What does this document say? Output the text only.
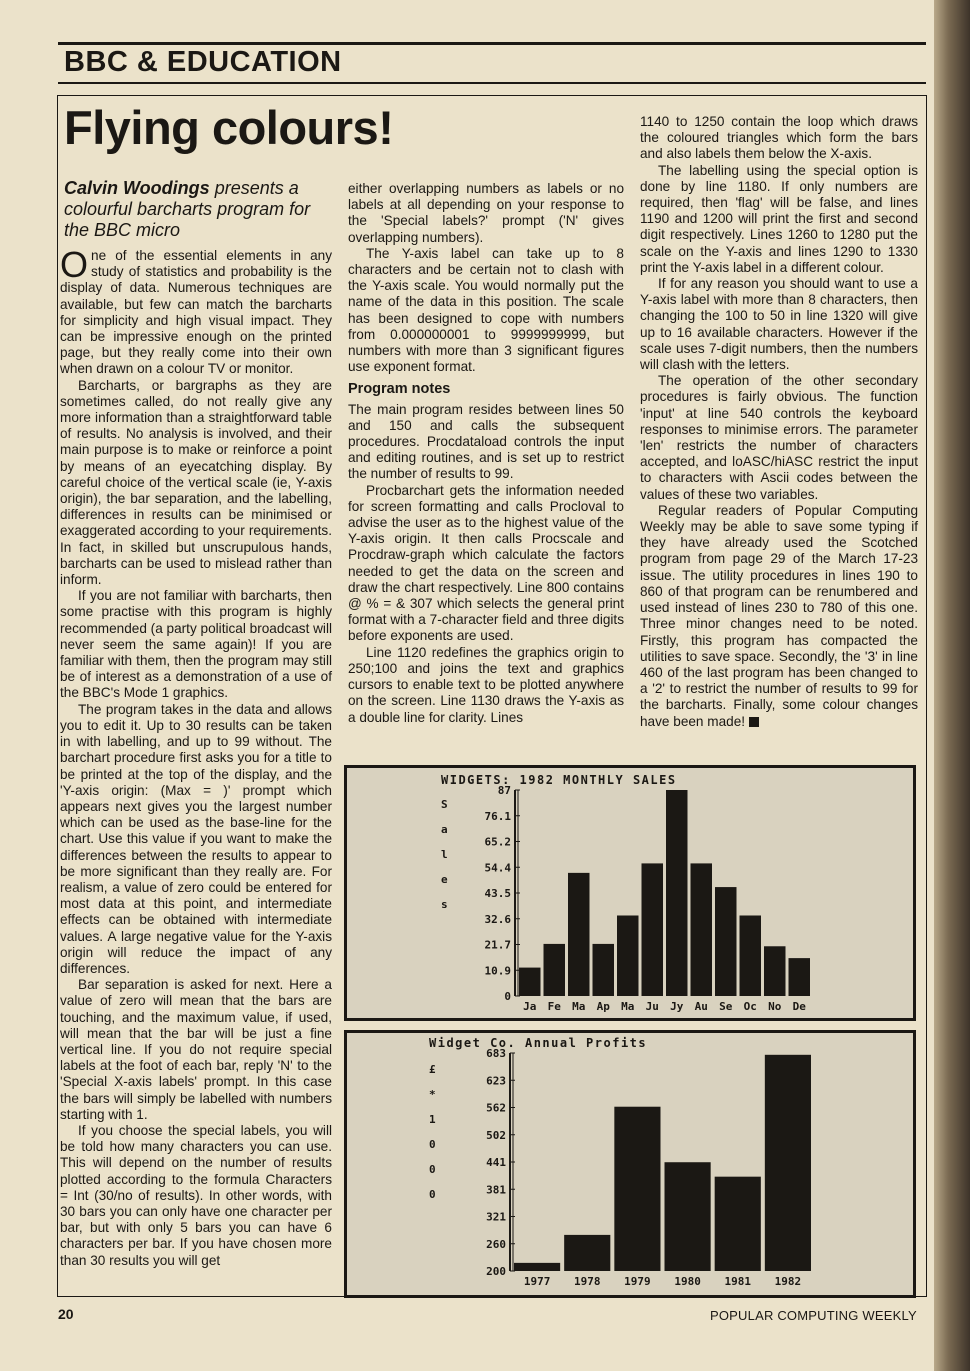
BBC & EDUCATION
Flying colours!
Calvin Woodings presents a colourful barcharts program for the BBC micro

One of the essential elements in any study of statistics and probability is the display of data. Numerous techniques are available, but few can match the barcharts for simplicity and high visual impact. They can be impressive enough on the printed page, but they really come into their own when drawn on a colour TV or monitor.

Barcharts, or bargraphs as they are sometimes called, do not really give any more information than a straightforward table of results. No analysis is involved, and their main purpose is to make or reinforce a point by means of an eyecatching display. By careful choice of the vertical scale (ie, Y-axis origin), the bar separation, and the labelling, differences in results can be minimised or exaggerated according to your requirements. In fact, in skilled but unscrupulous hands, barcharts can be used to mislead rather than inform.

If you are not familiar with barcharts, then some practise with this program is highly recommended (a party political broadcast will never seem the same again)! If you are familiar with them, then the program may still be of interest as a demonstration of a use of the BBC's Mode 1 graphics.

The program takes in the data and allows you to edit it. Up to 30 results can be taken in with labelling, and up to 99 without. The barchart procedure first asks you for a title to be printed at the top of the display, and the 'Y-axis origin: (Max = )' prompt which appears next gives you the largest number which can be used as the base-line for the chart. Use this value if you want to make the differences between the results to appear to be more significant than they really are. For realism, a value of zero could be entered for most data at this point, and intermediate effects can be obtained with intermediate values. A large negative value for the Y-axis origin will reduce the impact of any differences.

Bar separation is asked for next. Here a value of zero will mean that the bars are touching, and the maximum value, if used, will mean that the bar will be just a fine vertical line. If you do not require special labels at the foot of each bar, reply 'N' to the 'Special X-axis labels' prompt. In this case the bars will simply be labelled with numbers starting with 1.

If you choose the special labels, you will be told how many characters you can use. This will depend on the number of results plotted according to the formula Characters = Int (30/no of results). In other words, with 30 bars you can only have one character per bar, but with only 5 bars you can have 6 characters per bar. If you have chosen more than 30 results you will get

either overlapping numbers as labels or no labels at all depending on your response to the 'Special labels?' prompt ('N' gives overlapping numbers).

The Y-axis label can take up to 8 characters and be certain not to clash with the Y-axis scale. You would normally put the name of the data in this position. The scale has been designed to cope with numbers from 0.000000001 to 9999999999, but numbers with more than 3 significant figures use exponent format.

Program notes

The main program resides between lines 50 and 150 and calls the subsequent procedures. Procdataload controls the input and editing routines, and is set up to restrict the number of results to 99.

Procbarchart gets the information needed for screen formatting and calls Procloval to advise the user as to the highest value of the Y-axis origin. It then calls Procscale and Procdraw-graph which calculate the factors needed to get the data on the screen and draw the chart respectively. Line 800 contains @ % = & 307 which selects the general print format with a 7-character field and three digits before exponents are used.

Line 1120 redefines the graphics origin to 250;100 and joins the text and graphics cursors to enable text to be plotted anywhere on the screen. Line 1130 draws the Y-axis as a double line for clarity. Lines

1140 to 1250 contain the loop which draws the coloured triangles which form the bars and also labels them below the X-axis.

The labelling using the special option is done by line 1180. If only numbers are required, then 'flag' will be false, and lines 1190 and 1200 will print the first and second digit respectively. Lines 1260 to 1280 put the scale on the Y-axis and lines 1290 to 1330 print the Y-axis label in a different colour.

If for any reason you should want to use a Y-axis label with more than 8 characters, then changing the 100 to 50 in line 1320 will give up to 16 available characters. However if the scale uses 7-digit numbers, then the numbers will clash with the letters.

The operation of the other secondary procedures is fairly obvious. The function 'input' at line 540 controls the keyboard responses to minimise errors. The parameter 'len' restricts the number of characters accepted, and loASC/hiASC restrict the input to characters with Ascii codes between the values of these two variables.

Regular readers of Popular Computing Weekly may be able to save some typing if they have already used the Scotched program from page 29 of the March 17-23 issue. The utility procedures in lines 190 to 860 of that program can be renumbered and used instead of lines 230 to 780 of this one. Three minor changes need to be noted. Firstly, this program has compacted the utilities to save space. Secondly, the '3' in line 460 of the last program has been changed to a '2' to restrict the number of results to 99 for the barcharts. Finally, some colour changes have been made!

WIDGETS: 1982 MONTHLY SALES
S
a
l
e
s
87
76.1
65.2
54.4
43.5
32.6
21.7
10.9
0
Ja Fe Ma Ap Ma Ju Jy Au Se Oc No De
Widget Co. Annual Profits
£
*
1
0
0
0
683
623
562
502
441
381
321
260
200
1977 1978 1979 1980 1981 1982
20	POPULAR COMPUTING WEEKLY
